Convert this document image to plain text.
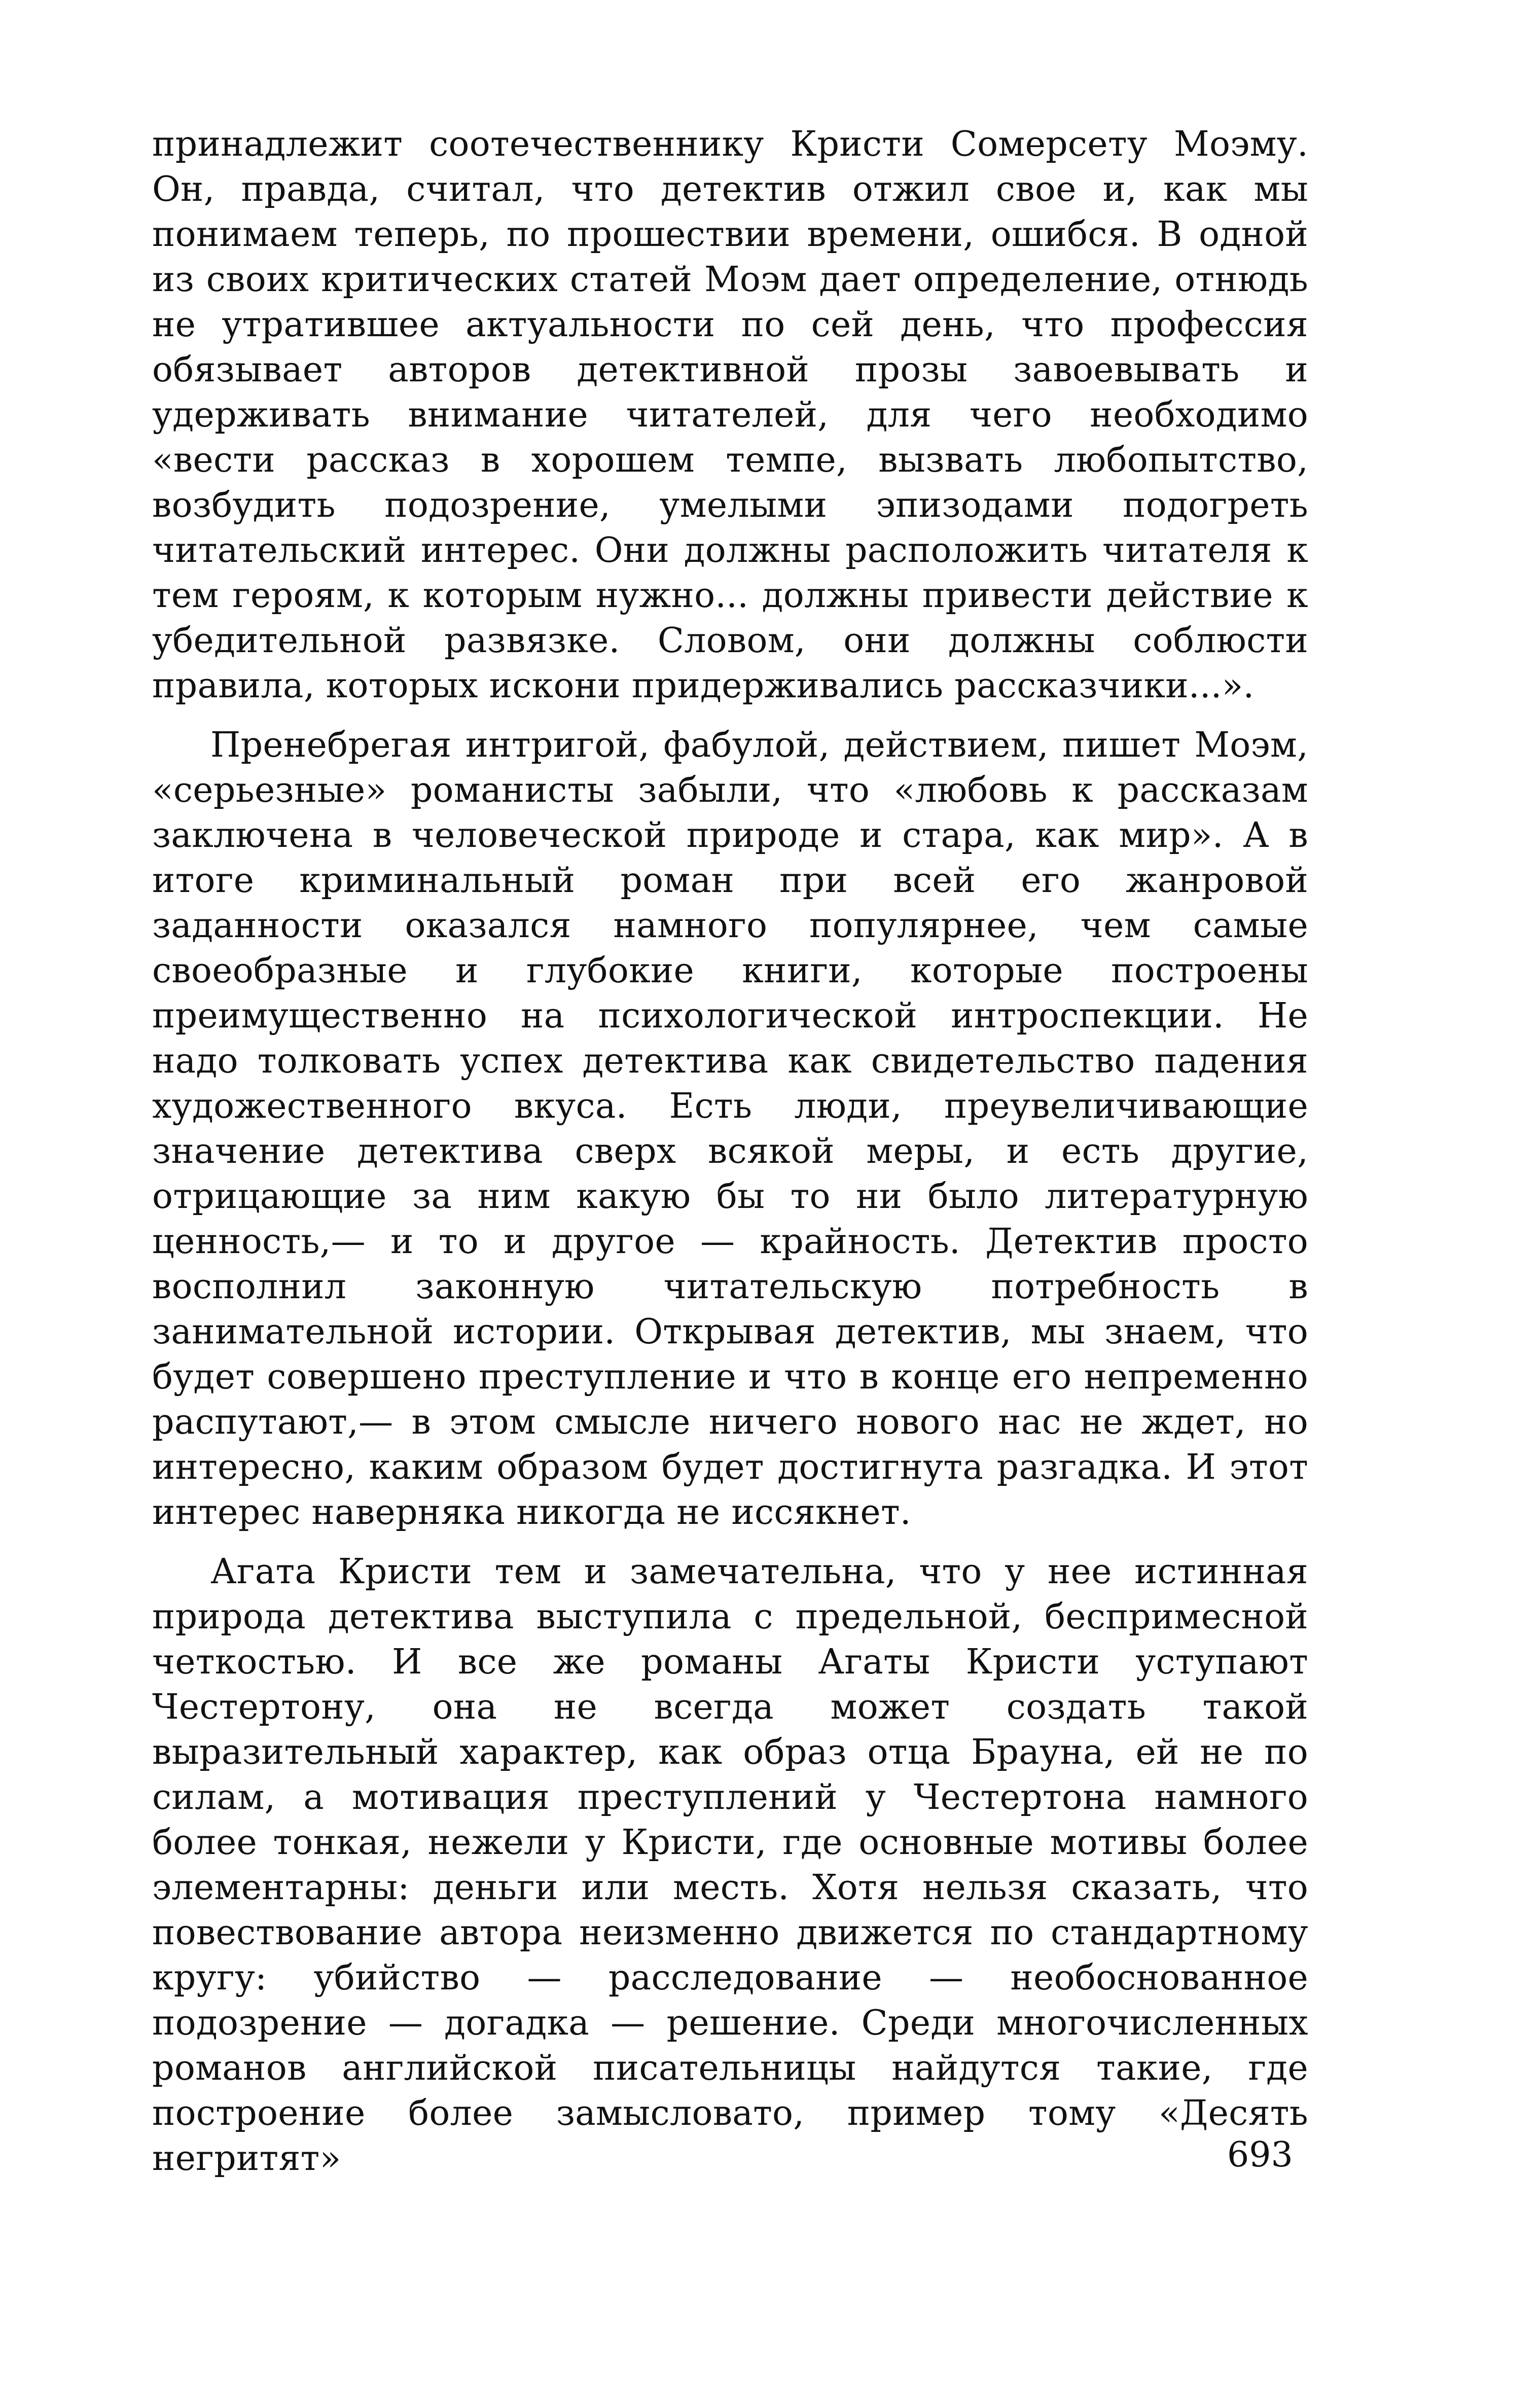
принадлежит соотечественнику Кристи Сомерсету Моэму. Он, правда, считал, что детектив отжил свое и, как мы понимаем теперь, по прошествии времени, ошибся. В одной из своих критических статей Моэм дает определение, отнюдь не утратившее актуальности по сей день, что профессия обязывает авторов детективной прозы завоевывать и удерживать внимание читателей, для чего необходимо «вести рассказ в хорошем темпе, вызвать любопытство, возбудить подозрение, умелыми эпизодами подогреть читательский интерес. Они должны расположить читателя к тем героям, к которым нужно... должны привести действие к убедительной развязке. Словом, они должны соблюсти правила, которых искони придерживались рассказчики...».

Пренебрегая интригой, фабулой, действием, пишет Моэм, «серьезные» романисты забыли, что «любовь к рассказам заключена в человеческой природе и стара, как мир». А в итоге криминальный роман при всей его жанровой заданности оказался намного популярнее, чем самые своеобразные и глубокие книги, которые построены преимущественно на психологической интроспекции. Не надо толковать успех детектива как свидетельство падения художественного вкуса. Есть люди, преувеличивающие значение детектива сверх всякой меры, и есть другие, отрицающие за ним какую бы то ни было литературную ценность,— и то и другое — крайность. Детектив просто восполнил законную читательскую потребность в занимательной истории. Открывая детектив, мы знаем, что будет совершено преступление и что в конце его непременно распутают,— в этом смысле ничего нового нас не ждет, но интересно, каким образом будет достигнута разгадка. И этот интерес наверняка никогда не иссякнет.

Агата Кристи тем и замечательна, что у нее истинная природа детектива выступила с предельной, беспримесной четкостью. И все же романы Агаты Кристи уступают Честертону, она не всегда может создать такой выразительный характер, как образ отца Брауна, ей не по силам, а мотивация преступлений у Честертона намного более тонкая, нежели у Кристи, где основные мотивы более элементарны: деньги или месть. Хотя нельзя сказать, что повествование автора неизменно движется по стандартному кругу: убийство — расследование — необоснованное подозрение — догадка — решение. Среди многочисленных романов английской писательницы найдутся такие, где построение более замысловато, пример тому «Десять негритят»	693
